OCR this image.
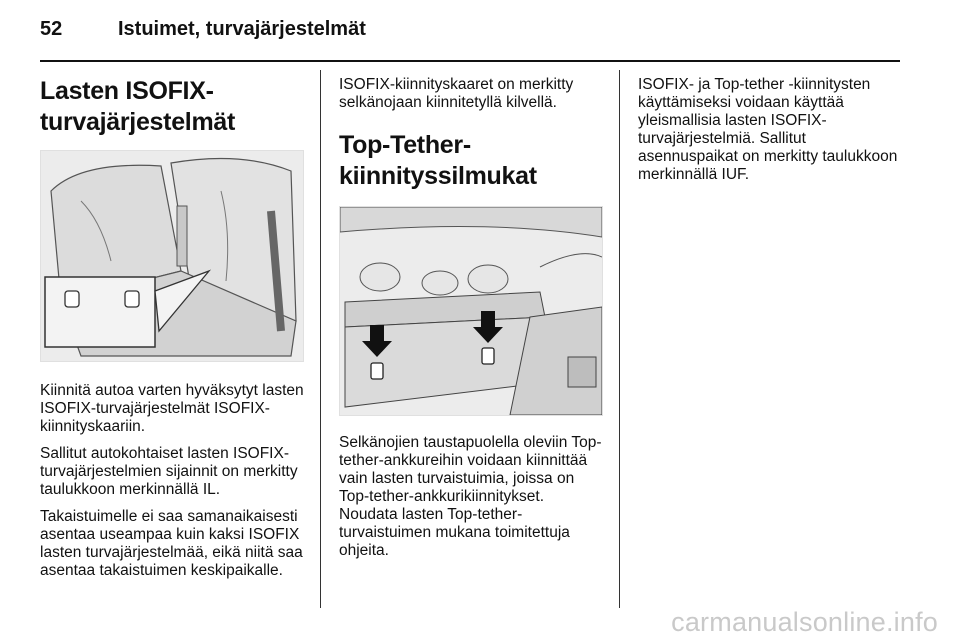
52	Istuimet, turvajärjestelmät
Lasten ISOFIX-
turvajärjestelmät

Kiinnitä autoa varten hyväksytyt lasten ISOFIX-turvajärjestelmät ISOFIX-kiinnityskaariin.

Sallitut autokohtaiset lasten ISOFIX-turvajärjestelmien sijainnit on merkitty taulukkoon merkinnällä IL.

Takaistuimelle ei saa samanaikaisesti asentaa useampaa kuin kaksi ISOFIX lasten turvajärjestelmää, eikä niitä saa asentaa takaistuimen keskipaikalle.

ISOFIX-kiinnityskaaret on merkitty selkänojaan kiinnitetyllä kilvellä.

Top-Tether-
kiinnityssilmukat

Selkänojien taustapuolella oleviin Top-tether-ankkureihin voidaan kiinnittää vain lasten turvaistuimia, joissa on Top-tether-ankkurikiinnitykset. Noudata lasten Top-tether-turvaistuimen mukana toimitettuja ohjeita.

ISOFIX- ja Top-tether -kiinnitysten käyttämiseksi voidaan käyttää yleismallisia lasten ISOFIX-turvajärjestelmiä. Sallitut asennuspaikat on merkitty taulukkoon merkinnällä IUF.

carmanualsonline.info
